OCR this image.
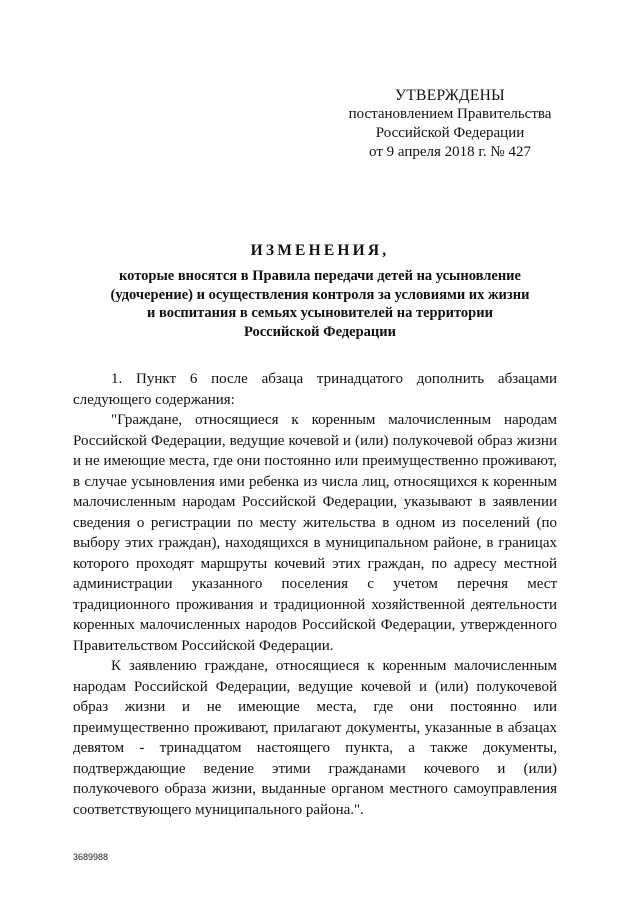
УТВЕРЖДЕНЫ
постановлением Правительства
Российской Федерации
от 9 апреля 2018 г. № 427
ИЗМЕНЕНИЯ,
которые вносятся в Правила передачи детей на усыновление
(удочерение) и осуществления контроля за условиями их жизни
и воспитания в семьях усыновителей на территории
Российской Федерации

1. Пункт 6 после абзаца тринадцатого дополнить абзацами следующего содержания:

"Граждане, относящиеся к коренным малочисленным народам Российской Федерации, ведущие кочевой и (или) полукочевой образ жизни и не имеющие места, где они постоянно или преимущественно проживают, в случае усыновления ими ребенка из числа лиц, относящихся к коренным малочисленным народам Российской Федерации, указывают в заявлении сведения о регистрации по месту жительства в одном из поселений (по выбору этих граждан), находящихся в муниципальном районе, в границах которого проходят маршруты кочевий этих граждан, по адресу местной администрации указанного поселения с учетом перечня мест традиционного проживания и традиционной хозяйственной деятельности коренных малочисленных народов Российской Федерации, утвержденного Правительством Российской Федерации.

К заявлению граждане, относящиеся к коренным малочисленным народам Российской Федерации, ведущие кочевой и (или) полукочевой образ жизни и не имеющие места, где они постоянно или преимущественно проживают, прилагают документы, указанные в абзацах девятом - тринадцатом настоящего пункта, а также документы, подтверждающие ведение этими гражданами кочевого и (или) полукочевого образа жизни, выданные органом местного самоуправления соответствующего муниципального района.".

3689988
